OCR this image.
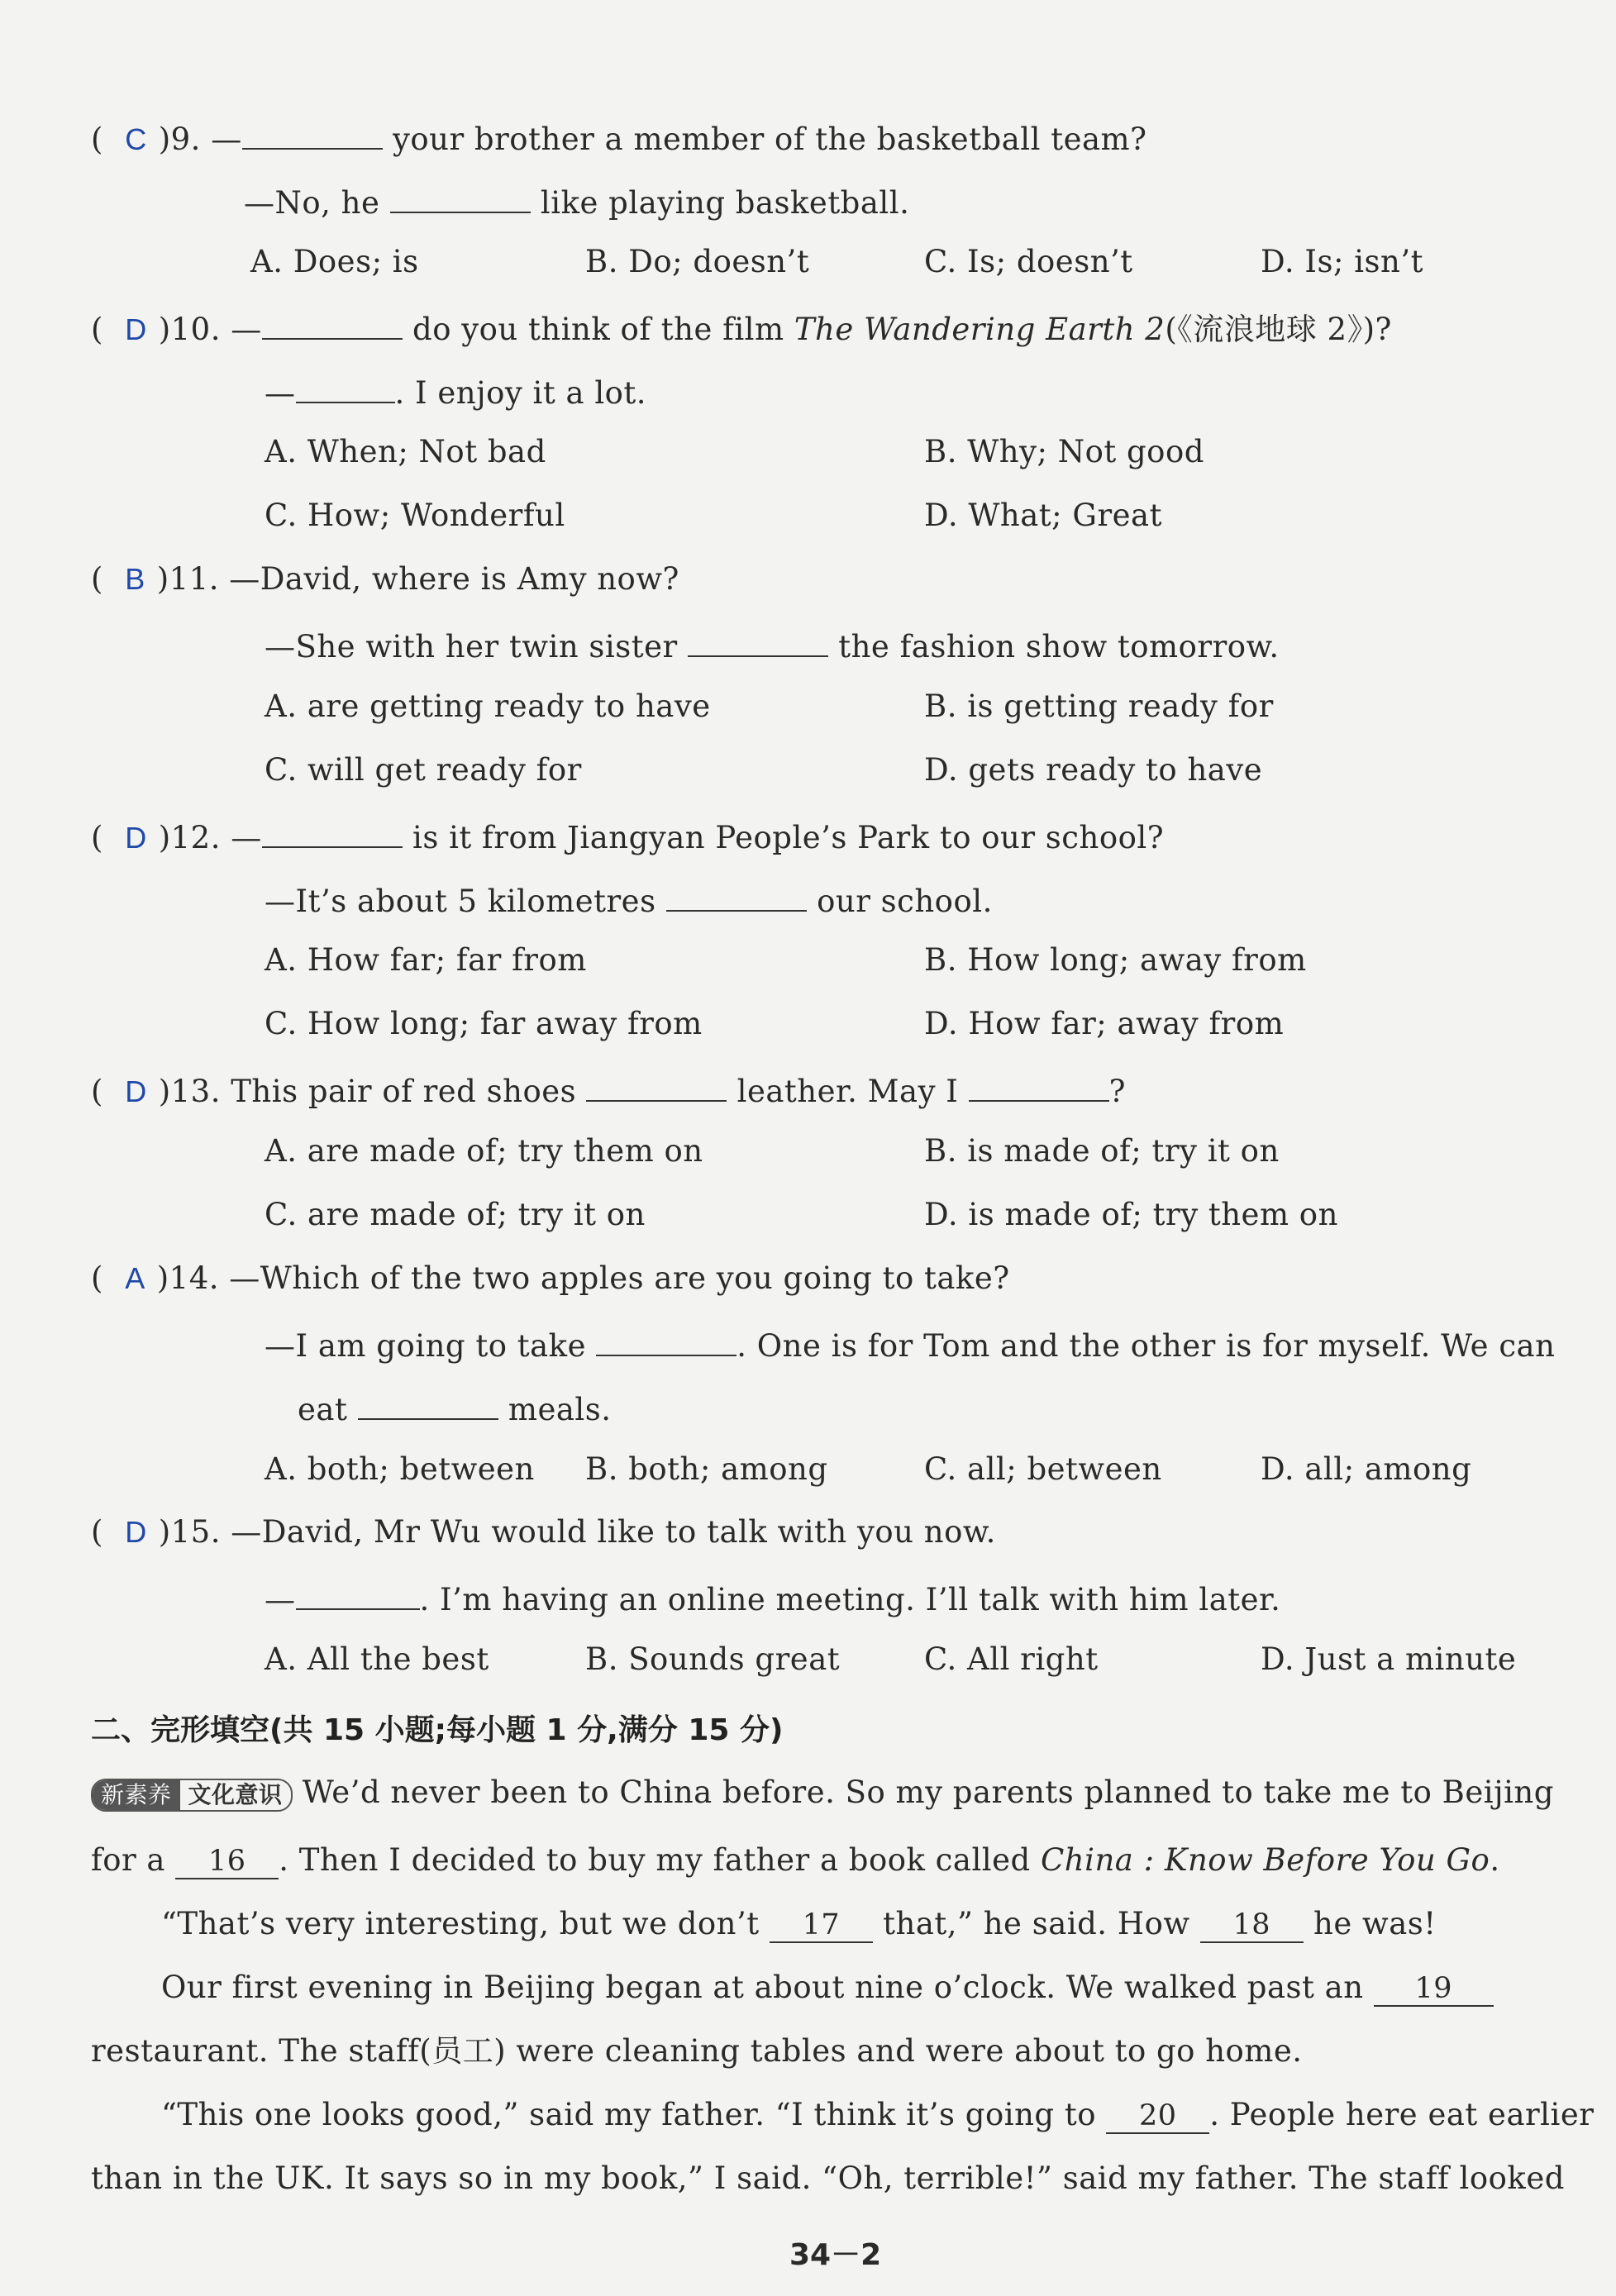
( C )9. —	your brother a member of the basketball team?
—No, he	like playing basketball.
A. Does; is	B. Do; doesn’t	C. Is; doesn’t	D. Is; isn’t
( D )10. —	do you think of the film The Wandering Earth 2(《流浪地球 2》)?
—	. I enjoy it a lot.
A. When; Not bad	B. Why; Not good
C. How; Wonderful	D. What; Great
( B )11. —David, where is Amy now?
—She with her twin sister	the fashion show tomorrow.
A. are getting ready to have	B. is getting ready for
C. will get ready for	D. gets ready to have
( D )12. —	is it from Jiangyan People’s Park to our school?
—It’s about 5 kilometres	our school.
A. How far; far from	B. How long; away from
C. How long; far away from	D. How far; away from
( D )13. This pair of red shoes	leather. May I	?
A. are made of; try them on	B. is made of; try it on
C. are made of; try it on	D. is made of; try them on
( A )14. —Which of the two apples are you going to take?
—I am going to take	. One is for Tom and the other is for myself. We can
eat	meals.
A. both; between B. both; among	C. all; between	D. all; among
( D )15. —David, Mr Wu would like to talk with you now.
—	. I’m having an online meeting. I’ll talk with him later.
A. All the best	B. Sounds great	C. All right	D. Just a minute
二、完形填空(共 15 小题;每小题 1 分,满分 15 分)
新素养 文化意识 We’d never been to China before. So my parents planned to take me to Beijing
for a 16 . Then I decided to buy my father a book called China : Know Before You Go.
“That’s very interesting, but we don’t 17 that,” he said. How 18 he was!
Our first evening in Beijing began at about nine o’clock. We walked past an 19
restaurant. The staff(员工) were cleaning tables and were about to go home.
“This one looks good,” said my father. “I think it’s going to 20 . People here eat earlier
than in the UK. It says so in my book,” I said. “Oh, terrible!” said my father. The staff looked
34－2
